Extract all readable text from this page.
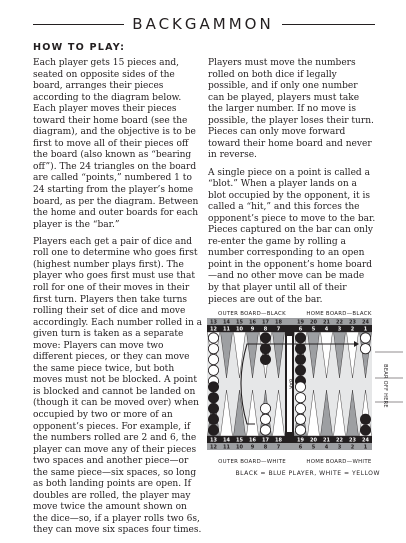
BACKGAMMON
HOW TO PLAY:

Each player gets 15 pieces and, seated on opposite sides of the board, arranges their pieces according to the diagram below. Each player moves their pieces toward their home board (see the diagram), and the objective is to be first to move all of their pieces off the board (also known as “bearing off”). The 24 triangles on the board are called “points,” numbered 1 to 24 starting from the player’s home board, as per the diagram. Between the home and outer boards for each player is the “bar.”

Players each get a pair of dice and roll one to determine who goes first (highest number plays first). The player who goes first must use that roll for one of their moves in their first turn. Players then take turns rolling their set of dice and move accordingly. Each number rolled in a given turn is taken as a separate move: Players can move two different pieces, or they can move the same piece twice, but both moves must not be blocked. A point is blocked and cannot be landed on (though it can be moved over) when occupied by two or more of an opponent’s pieces. For example, if the numbers rolled are 2 and 6, the player can move any of their pieces two spaces and another piece—or the same piece—six spaces, so long as both landing points are open. If doubles are rolled, the player may move twice the amount shown on the dice—so, if a player rolls two 6s, they can move six spaces four times.

Players must move the numbers rolled on both dice if legally possible, and if only one number can be played, players must take the larger number. If no move is possible, the player loses their turn. Pieces can only move forward toward their home board and never in reverse.

A single piece on a point is called a “blot.” When a player lands on a blot occupied by the opponent, it is called a “hit,” and this forces the opponent’s piece to move to the bar. Pieces captured on the bar can only re-enter the game by rolling a number corresponding to an open point in the opponent’s home board—and no other move can be made by that player until all of their pieces are out of the bar.

OUTER BOARD—BLACK	HOME BOARD—BLACK
OUTER BOARD—WHITE	HOME BOARD—WHITE
BEAR OFF HERE
13 14 15 16 17 18	19 20 21 22 23 24
12 11 10 9 8 7	6 5 4 3 2 1
13 14 15 16 17 18	19 20 21 22 23 24
12 11 10 9 8 7	6 5 4 3 2 1
BAR
BLACK = BLUE PLAYER, WHITE = YELLOW
